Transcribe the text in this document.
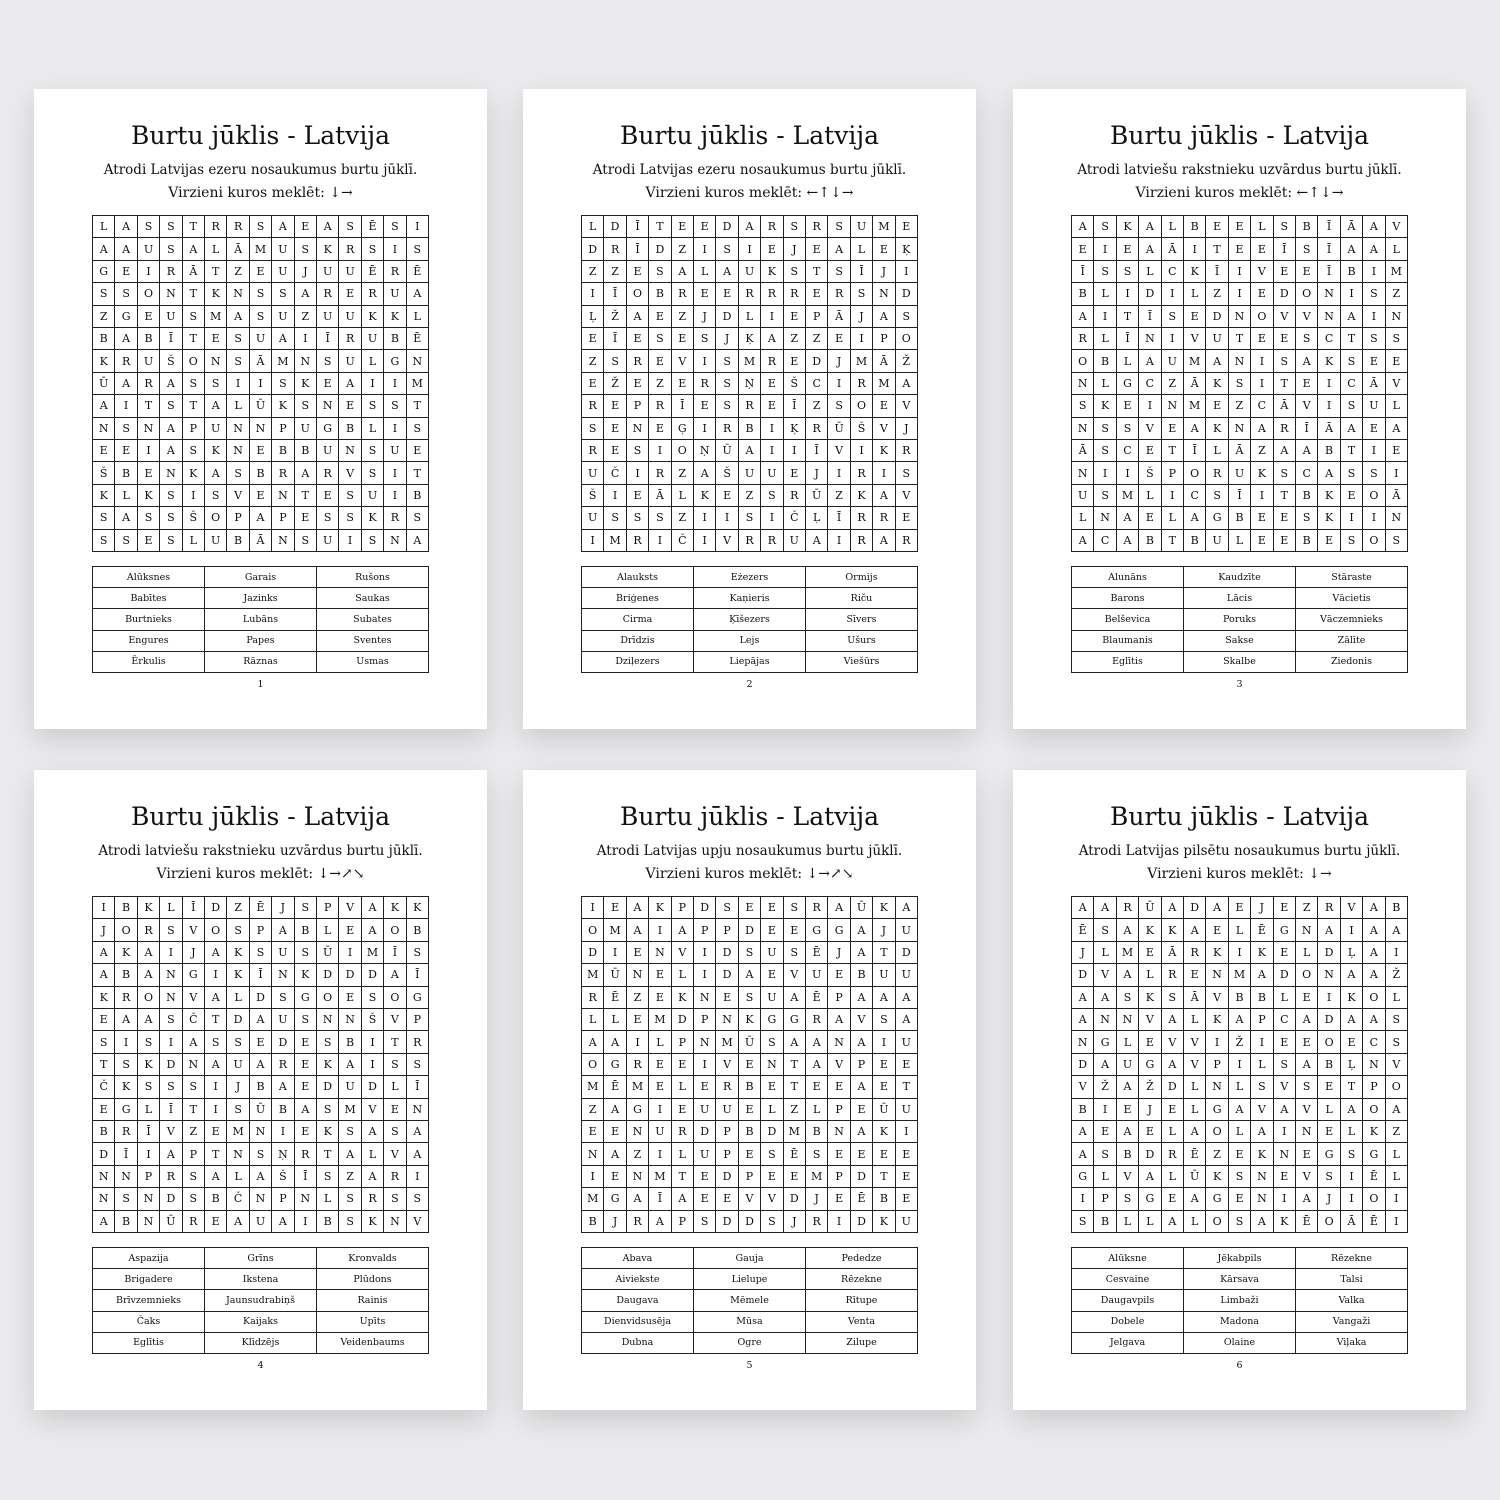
Burtu jūklis - Latvija
Atrodi Latvijas ezeru nosaukumus burtu jūklī.
Virzieni kuros meklēt: ↓→
L	A	S	S	T	R	R	S	A	E	A	S	Ē	S	I
A	A	U	S	A	L	Ā	M	U	S	K	R	S	I	S
G	E	I	R	Ā	T	Z	E	U	J	U	U	Ē	R	Ē
S	S	O	N	T	K	N	S	S	A	R	E	R	U	A
Z	G	E	U	S	M	A	S	U	Z	U	U	K	K	L
B	A	B	Ī	T	E	S	U	A	I	Ī	R	U	B	Ē
K	R	U	Š	O	N	S	Ā	M	N	S	U	L	G	N
Ū	A	R	A	S	S	I	I	S	K	E	A	I	I	M
A	I	T	S	T	A	L	Ū	K	S	N	E	S	S	T
N	S	N	A	P	U	N	N	P	U	G	B	L	I	S
E	E	I	A	S	K	N	E	B	B	U	N	S	U	E
Š	B	E	N	K	A	S	B	R	A	R	V	S	I	T
K	L	K	S	I	S	V	E	N	T	E	S	U	I	B
S	A	S	S	Š	O	P	A	P	E	S	S	K	R	S
S	S	E	S	L	U	B	Ā	N	S	U	I	S	N	A
Alūksnes	Garais	Rušons
Babītes	Jazinks	Saukas
Burtnieks	Lubāns	Subates
Engures	Papes	Sventes
Ērkulis	Rāznas	Usmas
1
Burtu jūklis - Latvija
Atrodi Latvijas ezeru nosaukumus burtu jūklī.
Virzieni kuros meklēt: ←↑↓→
L	D	Ī	T	E	E	D	A	R	S	R	S	U	M	E
D	R	Ī	D	Z	I	S	I	E	J	E	A	L	E	Ķ
Z	Z	E	S	A	L	A	U	K	S	T	S	Ī	J	I
I	Ī	O	B	R	E	E	R	R	R	E	R	S	N	D
Ļ	Ž	A	E	Z	J	D	L	I	E	P	Ā	J	A	S
E	Ī	E	S	E	S	J	Ķ	A	Z	Z	E	I	P	O
Z	S	R	E	V	I	S	M	R	E	D	J	M	Ā	Ž
E	Ž	E	Z	E	R	S	Ņ	E	Š	C	I	R	M	A
R	E	P	R	Ī	E	S	R	E	Ī	Z	S	O	E	V
S	E	N	E	Ģ	I	R	B	I	Ķ	R	Ū	Š	V	J
R	E	S	I	O	Ņ	Ū	A	I	I	Ī	V	I	K	R
U	Č	I	R	Z	A	Š	U	U	E	J	I	R	I	S
Š	I	E	Ā	L	K	E	Z	S	R	Ū	Z	K	A	V
U	S	S	S	Z	I	I	S	I	Č	Ļ	Ī	R	R	E
I	M	R	I	Č	I	V	R	R	U	A	I	R	A	R
Alauksts	Eżezers	Ormijs
Briģenes	Kaņieris	Riču
Cirma	Ķīšezers	Sīvers
Drīdzis	Lejs	Ušurs
Dziļezers	Liepājas	Viešūrs
2
Burtu jūklis - Latvija
Atrodi latviešu rakstnieku uzvārdus burtu jūklī.
Virzieni kuros meklēt: ←↑↓→
A	S	K	A	L	B	E	E	L	S	B	Ī	Ā	A	V
E	I	E	A	Ā	I	T	E	E	Ī	S	Ī	A	A	L
Ī	S	S	L	C	K	Ī	I	V	E	E	Ī	B	I	M
B	L	I	D	I	L	Z	I	E	D	O	N	I	S	Z
A	I	T	Ī	S	E	D	N	O	V	V	N	A	I	N
R	L	Ī	N	I	V	U	T	E	E	S	C	T	S	S
O	B	L	A	U	M	A	N	I	S	A	K	S	E	E
N	L	G	C	Z	Ā	K	S	I	T	E	I	C	Ā	V
S	K	E	I	N	M	E	Z	C	Ā	V	I	S	U	L
N	S	S	V	E	A	K	N	A	R	Ī	Ā	A	E	A
Ā	S	C	E	T	Ī	L	Ā	Z	A	A	B	T	I	E
N	I	I	Š	P	O	R	U	K	S	C	A	S	S	I
U	S	M	L	I	C	S	Ī	I	T	B	K	E	O	Ā
L	N	A	E	L	A	G	B	E	E	S	K	I	I	N
A	C	A	B	T	B	U	L	E	E	B	E	S	O	S
Alunāns	Kaudzīte	Stāraste
Barons	Lācis	Vācietis
Belševica	Poruks	Vāczemnieks
Blaumanis	Sakse	Zālīte
Eglītis	Skalbe	Ziedonis
3
Burtu jūklis - Latvija
Atrodi latviešu rakstnieku uzvārdus burtu jūklī.
Virzieni kuros meklēt: ↓→↗↘
I	B	K	L	Ī	D	Z	Ē	J	S	P	V	A	K	K
J	O	R	S	V	O	S	P	A	B	L	E	A	O	B
A	K	A	I	J	A	K	S	U	S	Ū	I	M	Ī	S
A	B	A	N	G	I	K	Ī	N	K	D	D	D	A	Ī
K	R	O	N	V	A	L	D	S	G	O	E	S	O	G
E	A	A	S	Č	T	D	A	U	S	N	N	Š	V	P
S	I	S	I	A	S	S	E	D	E	S	B	I	T	R
T	S	K	D	N	A	U	A	R	E	K	A	I	S	S
Č	K	S	S	S	I	J	B	A	E	D	U	D	L	Ī
E	G	L	Ī	T	I	S	Ū	B	A	S	M	V	E	N
B	R	Ī	V	Z	E	M	N	I	E	K	S	A	S	A
D	Ī	I	A	P	T	N	S	Ņ	R	T	A	L	V	A
N	N	P	R	S	A	L	A	Š	Ī	S	Z	A	R	I
N	S	N	D	S	B	Č	N	P	N	L	S	R	S	S
A	B	N	Ū	R	E	A	U	A	I	B	S	K	N	V
Aspazija	Grīns	Kronvalds
Brigadere	Ikstena	Plūdons
Brīvzemnieks	Jaunsudrabiņš	Rainis
Čaks	Kaijaks	Upīts
Eglītis	Klīdzējs	Veidenbaums
4
Burtu jūklis - Latvija
Atrodi Latvijas upju nosaukumus burtu jūklī.
Virzieni kuros meklēt: ↓→↗↘
I	E	A	K	P	D	S	E	E	S	R	A	Ū	K	A
O	M	A	I	A	P	P	D	E	E	G	G	A	J	U
D	I	E	N	V	I	D	S	U	S	Ē	J	A	T	D
M	Ū	N	E	L	I	D	A	E	V	U	E	B	U	U
R	Ē	Z	E	K	N	E	S	U	A	Ē	P	A	A	A
L	L	E	M	D	P	N	K	G	G	R	A	V	S	A
A	A	I	L	P	N	M	Ū	S	A	A	N	A	I	U
O	G	R	E	E	I	V	E	N	T	A	V	P	E	E
M	Ē	M	E	L	E	R	B	E	T	E	E	A	E	T
Z	A	G	I	E	U	U	E	L	Z	L	P	E	Ū	U
E	E	N	U	R	D	P	B	D	M	B	N	A	K	I
N	A	Z	I	L	U	P	E	S	Ē	S	E	E	E	E
I	E	N	M	T	E	D	P	E	E	M	P	D	T	E
M	G	A	Ī	A	E	E	V	V	D	J	E	Ē	B	E
B	J	R	A	P	S	D	D	S	J	R	I	D	K	U
Abava	Gauja	Pededze
Aiviekste	Lielupe	Rēzekne
Daugava	Mēmele	Rītupe
Dienvidsusēja	Mūsa	Venta
Dubna	Ogre	Zilupe
5
Burtu jūklis - Latvija
Atrodi Latvijas pilsētu nosaukumus burtu jūklī.
Virzieni kuros meklēt: ↓→
A	A	R	Ū	A	D	A	E	J	E	Z	R	V	A	B
Ē	S	A	K	K	A	E	L	Ē	G	N	A	I	A	A
J	L	M	E	Ā	R	K	I	K	E	L	D	Ļ	A	I
D	V	A	L	R	E	N	M	A	D	O	N	A	A	Ž
A	A	S	K	S	Ā	V	B	B	L	E	I	K	O	L
A	N	N	V	A	L	K	A	P	C	A	D	A	A	S
N	G	L	E	V	V	I	Ž	I	E	E	O	E	C	S
D	A	U	G	A	V	P	I	L	S	A	B	Ļ	N	V
V	Ž	A	Ž	D	L	N	L	S	V	S	E	T	P	O
B	I	E	J	E	L	G	A	V	A	V	L	A	O	A
A	E	A	E	L	A	O	L	A	I	N	E	L	K	Z
A	S	B	D	R	Ē	Z	E	K	N	E	G	S	G	L
G	L	V	A	L	Ū	K	S	N	E	V	S	I	Ē	L
I	P	S	G	E	A	G	E	N	I	A	J	I	O	I
S	B	L	L	A	L	O	S	A	K	Ē	O	Ā	Ē	I
Alūksne	Jēkabpils	Rēzekne
Cesvaine	Kārsava	Talsi
Daugavpils	Limbaži	Valka
Dobele	Madona	Vangaži
Jelgava	Olaine	Viļaka
6
